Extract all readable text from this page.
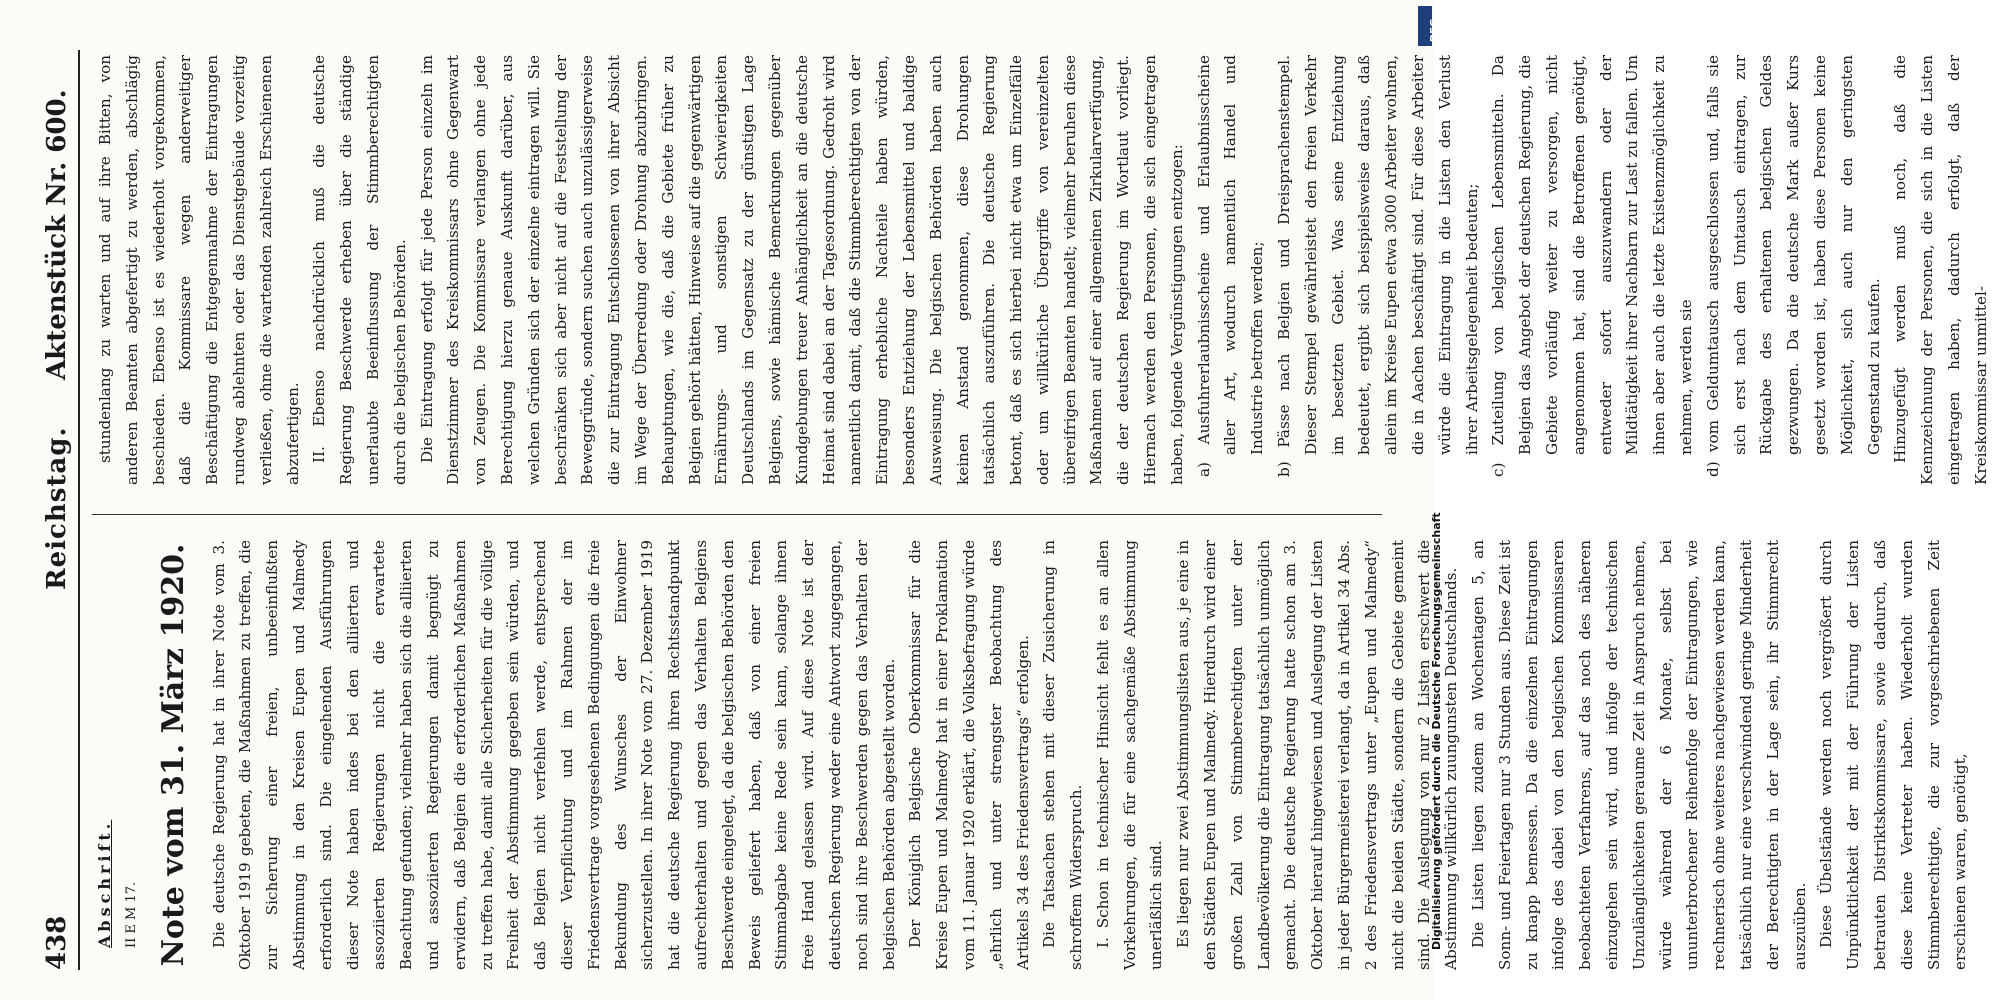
438
Reichstag.
Aktenstück Nr. 600.

Abschrift. II E M 17. Note vom 31. März 1920. Die deutsche Regierung hat in ihrer Note vom 3. Oktober 1919 gebeten, die Maßnahmen zu treffen, die zur Sicherung einer freien, unbeeinflußten Abstimmung in den Kreisen Eupen und Malmedy erforderlich sind. Die eingehenden Ausführungen dieser Note haben indes bei den alliierten und assoziierten Regierungen nicht die erwartete Beachtung gefunden; vielmehr haben sich die alliierten und assoziierten Regierungen damit begnügt zu erwidern, daß Belgien die erforderlichen Maßnahmen zu treffen habe, damit alle Sicherheiten für die völlige Freiheit der Abstimmung gegeben sein würden, und daß Belgien nicht verfehlen werde, entsprechend dieser Verpflichtung und im Rahmen der im Friedensvertrage vorgesehenen Bedingungen die freie Bekundung des Wunsches der Einwohner sicherzustellen. In ihrer Note vom 27. Dezember 1919 hat die deutsche Regierung ihren Rechtsstandpunkt aufrechterhalten und gegen das Verhalten Belgiens Beschwerde eingelegt, da die belgischen Behörden den Beweis geliefert haben, daß von einer freien Stimmabgabe keine Rede sein kann, solange ihnen freie Hand gelassen wird. Auf diese Note ist der deutschen Regierung weder eine Antwort zugegangen, noch sind ihre Beschwerden gegen das Verhalten der belgischen Behörden abgestellt worden. Der Königlich Belgische Oberkommissar für die Kreise Eupen und Malmedy hat in einer Proklamation vom 11. Januar 1920 erklärt, die Volksbefragung würde „ehrlich und unter strengster Beobachtung des Artikels 34 des Friedensvertrags“ erfolgen. Die Tatsachen stehen mit dieser Zusicherung in schroffem Widerspruch. I. Schon in technischer Hinsicht fehlt es an allen Vorkehrungen, die für eine sachgemäße Abstimmung unerläßlich sind. Es liegen nur zwei Abstimmungslisten aus, je eine in den Städten Eupen und Malmedy. Hierdurch wird einer großen Zahl von Stimmberechtigten unter der Landbevölkerung die Eintragung tatsächlich unmöglich gemacht. Die deutsche Regierung hatte schon am 3. Oktober hierauf hingewiesen und Auslegung der Listen in jeder Bürgermeisterei verlangt, da in Artikel 34 Abs. 2 des Friedensvertrags unter „Eupen und Malmedy“ nicht die beiden Städte, sondern die Gebiete gemeint sind. Die Auslegung von nur 2 Listen erschwert die Abstimmung willkürlich zuungunsten Deutschlands. Die Listen liegen zudem an Wochentagen 5, an Sonn- und Feiertagen nur 3 Stunden aus. Diese Zeit ist zu knapp bemessen. Da die einzelnen Eintragungen infolge des dabei von den belgischen Kommissaren beobachteten Verfahrens, auf das noch des näheren einzugehen sein wird, und infolge der technischen Unzulänglichkeiten geraume Zeit in Anspruch nehmen, würde während der 6 Monate, selbst bei ununterbrochener Reihenfolge der Eintragungen, wie rechnerisch ohne weiteres nachgewiesen werden kann, tatsächlich nur eine verschwindend geringe Minderheit der Berechtigten in der Lage sein, ihr Stimmrecht auszuüben. Diese Übelstände werden noch vergrößert durch Unpünktlichkeit der mit der Führung der Listen betrauten Distriktskommissare, sowie dadurch, daß diese keine Vertreter haben. Wiederholt wurden Stimmberechtigte, die zur vorgeschriebenen Zeit erschienen waren, genötigt,

stundenlang zu warten und auf ihre Bitten, von anderen Beamten abgefertigt zu werden, abschlägig beschieden. Ebenso ist es wiederholt vorgekommen, daß die Kommissare wegen anderweitiger Beschäftigung die Entgegennahme der Eintragungen rundweg ablehnten oder das Dienstgebäude vorzeitig verließen, ohne die wartenden zahlreich Erschienenen abzufertigen. II. Ebenso nachdrücklich muß die deutsche Regierung Beschwerde erheben über die ständige unerlaubte Beeinflussung der Stimmberechtigten durch die belgischen Behörden. Die Eintragung erfolgt für jede Person einzeln im Dienstzimmer des Kreiskommissars ohne Gegenwart von Zeugen. Die Kommissare verlangen ohne jede Berechtigung hierzu genaue Auskunft darüber, aus welchen Gründen sich der einzelne eintragen will. Sie beschränken sich aber nicht auf die Feststellung der Beweggründe, sondern suchen auch unzulässigerweise die zur Eintragung Entschlossenen von ihrer Absicht im Wege der Überredung oder Drohung abzubringen. Behauptungen, wie die, daß die Gebiete früher zu Belgien gehört hätten, Hinweise auf die gegenwärtigen Ernährungs- und sonstigen Schwierigkeiten Deutschlands im Gegensatz zu der günstigen Lage Belgiens, sowie hämische Bemerkungen gegenüber Kundgebungen treuer Anhänglichkeit an die deutsche Heimat sind dabei an der Tagesordnung. Gedroht wird namentlich damit, daß die Stimmberechtigten von der Eintragung erhebliche Nachteile haben würden, besonders Entziehung der Lebensmittel und baldige Ausweisung. Die belgischen Behörden haben auch keinen Anstand genommen, diese Drohungen tatsächlich auszuführen. Die deutsche Regierung betont, daß es sich hierbei nicht etwa um Einzelfälle oder um willkürliche Übergriffe von vereinzelten übereifrigen Beamten handelt; vielmehr beruhen diese Maßnahmen auf einer allgemeinen Zirkularverfügung, die der deutschen Regierung im Wortlaut vorliegt. Hiernach werden den Personen, die sich eingetragen haben, folgende Vergünstigungen entzogen: a) Ausfuhrerlaubnisscheine und Erlaubnisscheine aller Art, wodurch namentlich Handel und Industrie betroffen werden; b) Pässe nach Belgien und Dreisprachenstempel. Dieser Stempel gewährleistet den freien Verkehr im besetzten Gebiet. Was seine Entziehung bedeutet, ergibt sich beispielsweise daraus, daß allein im Kreise Eupen etwa 3000 Arbeiter wohnen, die in Aachen beschäftigt sind. Für diese Arbeiter würde die Eintragung in die Listen den Verlust ihrer Arbeitsgelegenheit bedeuten; c) Zuteilung von belgischen Lebensmitteln. Da Belgien das Angebot der deutschen Regierung, die Gebiete vorläufig weiter zu versorgen, nicht angenommen hat, sind die Betroffenen genötigt, entweder sofort auszuwandern oder der Mildtätigkeit ihrer Nachbarn zur Last zu fallen. Um ihnen aber auch die letzte Existenzmöglichkeit zu nehmen, werden sie d) vom Geldumtausch ausgeschlossen und, falls sie sich erst nach dem Umtausch eintragen, zur Rückgabe des erhaltenen belgischen Geldes gezwungen. Da die deutsche Mark außer Kurs gesetzt worden ist, haben diese Personen keine Möglichkeit, sich auch nur den geringsten Gegenstand zu kaufen. Hinzugefügt werden muß noch, daß die Kennzeichnung der Personen, die sich in die Listen eingetragen haben, dadurch erfolgt, daß der Kreiskommissar unmittel-

DFG
Digitalisierung gefördert durch die Deutsche Forschungsgemeinschaft
